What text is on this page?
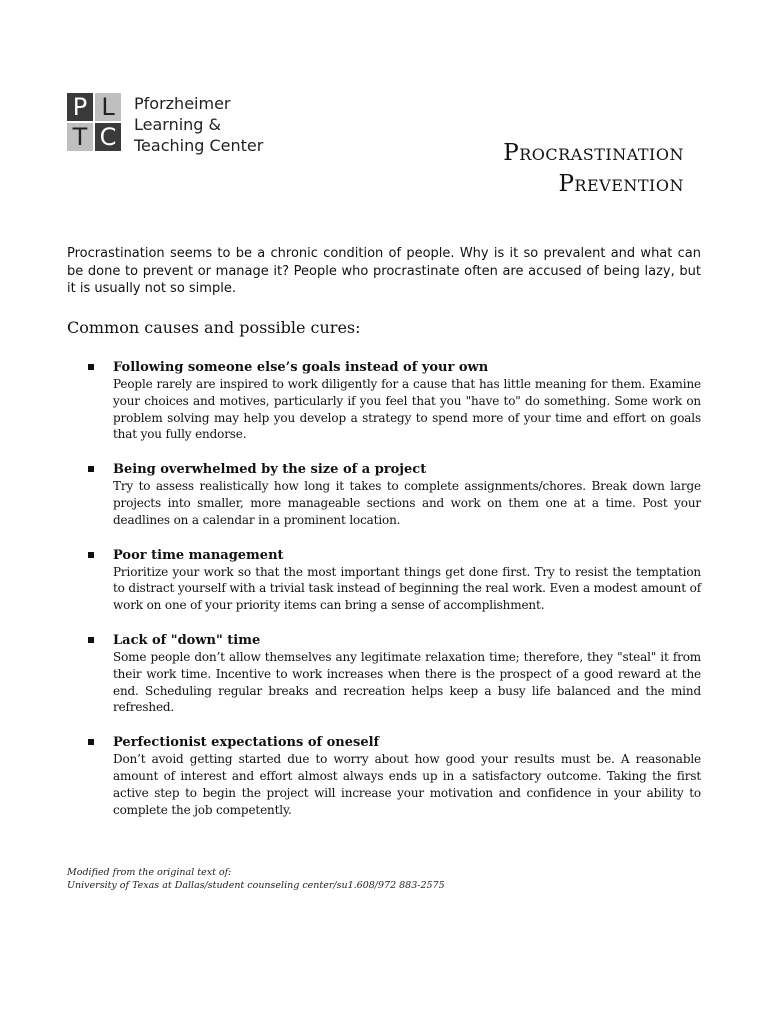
P L
T C
Pforzheimer
Learning &
Teaching Center	Procrastination
Prevention

Procrastination seems to be a chronic condition of people. Why is it so prevalent and what can be done to prevent or manage it? People who procrastinate often are accused of being lazy, but it is usually not so simple.

Common causes and possible cures:
Following someone else’s goals instead of your own
People rarely are inspired to work diligently for a cause that has little meaning for them. Examine your choices and motives, particularly if you feel that you "have to" do something. Some work on problem solving may help you develop a strategy to spend more of your time and effort on goals that you fully endorse.
Being overwhelmed by the size of a project
Try to assess realistically how long it takes to complete assignments/chores. Break down large projects into smaller, more manageable sections and work on them one at a time. Post your deadlines on a calendar in a prominent location.
Poor time management
Prioritize your work so that the most important things get done first. Try to resist the temptation to distract yourself with a trivial task instead of beginning the real work. Even a modest amount of work on one of your priority items can bring a sense of accomplishment.
Lack of "down" time
Some people don’t allow themselves any legitimate relaxation time; therefore, they "steal" it from their work time. Incentive to work increases when there is the prospect of a good reward at the end. Scheduling regular breaks and recreation helps keep a busy life balanced and the mind refreshed.
Perfectionist expectations of oneself
Don’t avoid getting started due to worry about how good your results must be. A reasonable amount of interest and effort almost always ends up in a satisfactory outcome. Taking the first active step to begin the project will increase your motivation and confidence in your ability to complete the job competently.
Modified from the original text of:
University of Texas at Dallas/student counseling center/su1.608/972 883-2575
